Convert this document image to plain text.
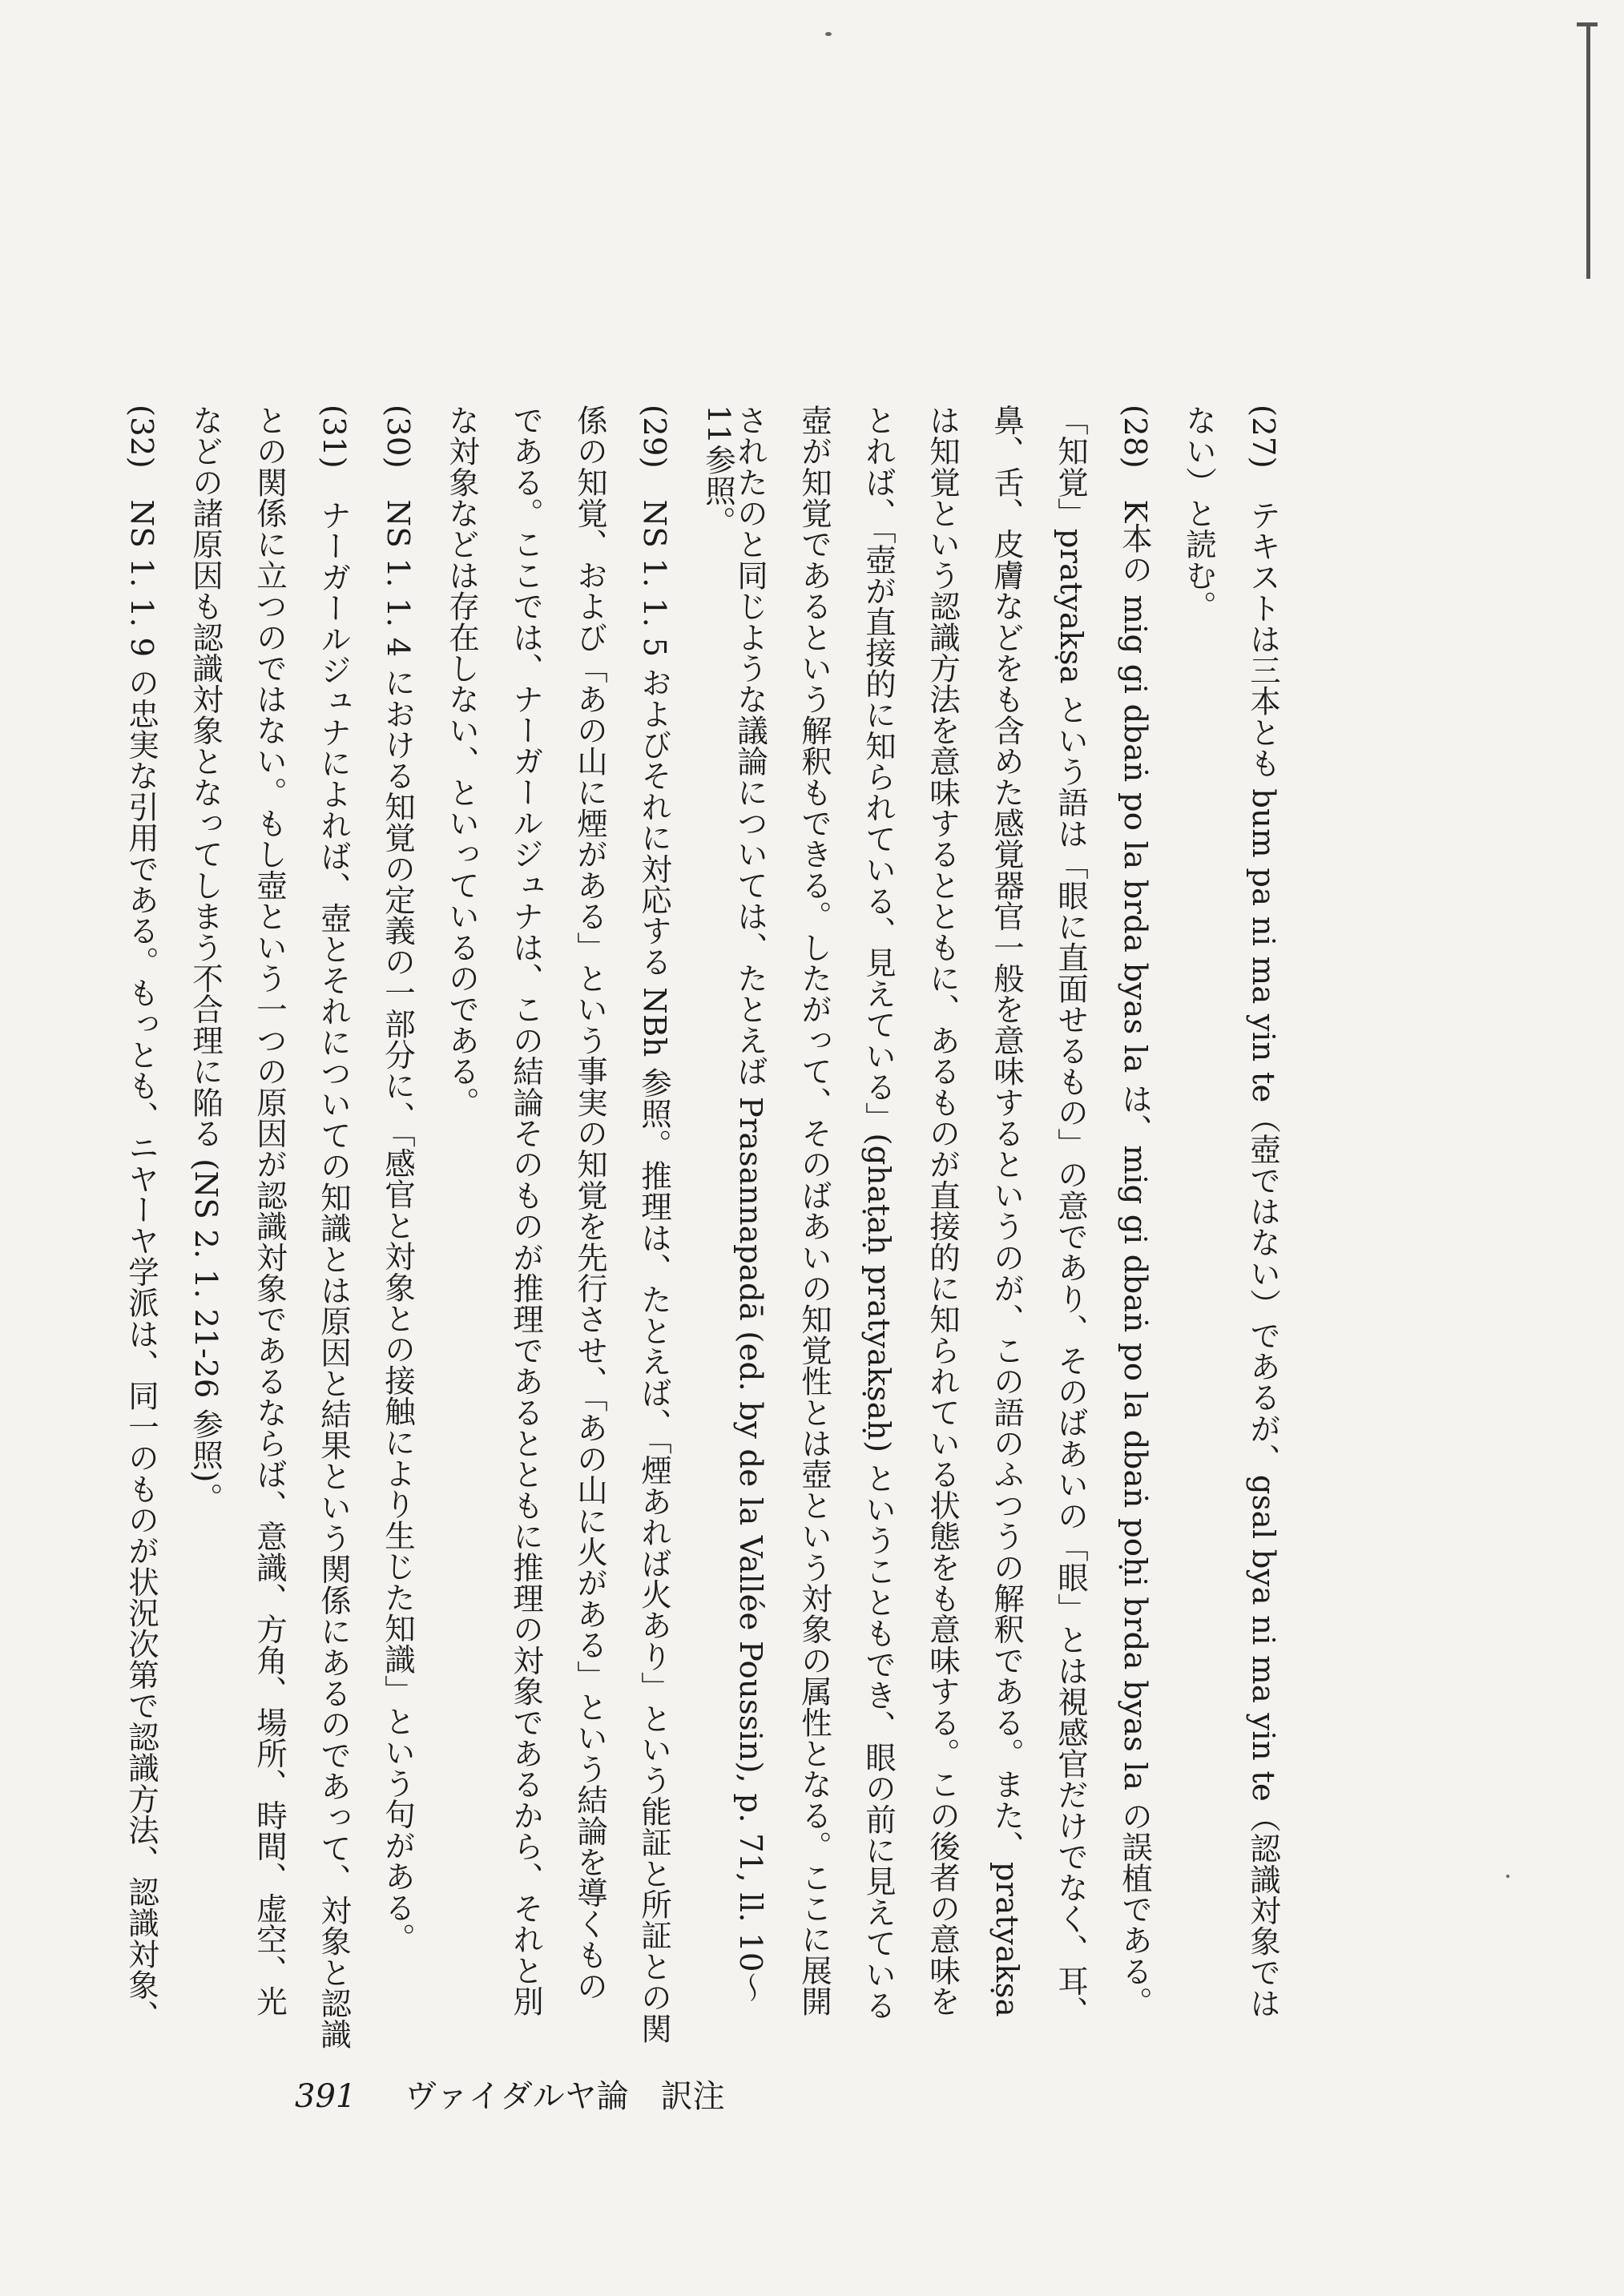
(27)　テキストは三本とも bum pa ni ma yin te（壺ではない）であるが、gsal bya ni ma yin te（認識対象では
ない）と読む。
(28)　K本の mig gi dbaṅ po la brda byas la は、mig gi dbaṅ po la dbaṅ poḥi brda byas la の誤植である。
「知覚」pratyakṣa という語は「眼に直面せるもの」の意であり、そのばあいの「眼」とは視感官だけでなく、耳、
鼻、舌、皮膚などをも含めた感覚器官一般を意味するというのが、この語のふつうの解釈である。また、pratyakṣa
は知覚という認識方法を意味するとともに、あるものが直接的に知られている状態をも意味する。この後者の意味を
とれば、「壺が直接的に知られている、見えている」(ghaṭaḥ pratyakṣaḥ) ということもでき、眼の前に見えている
壺が知覚であるという解釈もできる。したがって、そのばあいの知覚性とは壺という対象の属性となる。ここに展開
されたのと同じような議論については、たとえば Prasannapadā (ed. by de la Vallée Poussin), p. 71, ll. 10～
11参照。
(29)　NS 1. 1. 5 およびそれに対応する NBh 参照。推理は、たとえば、「煙あれば火あり」という能証と所証との関
係の知覚、および「あの山に煙がある」という事実の知覚を先行させ、「あの山に火がある」という結論を導くもの
である。ここでは、ナーガールジュナは、この結論そのものが推理であるとともに推理の対象であるから、それと別
な対象などは存在しない、といっているのである。
(30)　NS 1. 1. 4 における知覚の定義の一部分に、「感官と対象との接触により生じた知識」という句がある。
(31)　ナーガールジュナによれば、壺とそれについての知識とは原因と結果という関係にあるのであって、対象と認識
との関係に立つのではない。もし壺という一つの原因が認識対象であるならば、意識、方角、場所、時間、虚空、光
などの諸原因も認識対象となってしまう不合理に陥る (NS 2. 1. 21-26 参照)。
(32)　NS 1. 1. 9 の忠実な引用である。もっとも、ニヤーヤ学派は、同一のものが状況次第で認識方法、認識対象、
391 ヴァイダルヤ論　訳注
